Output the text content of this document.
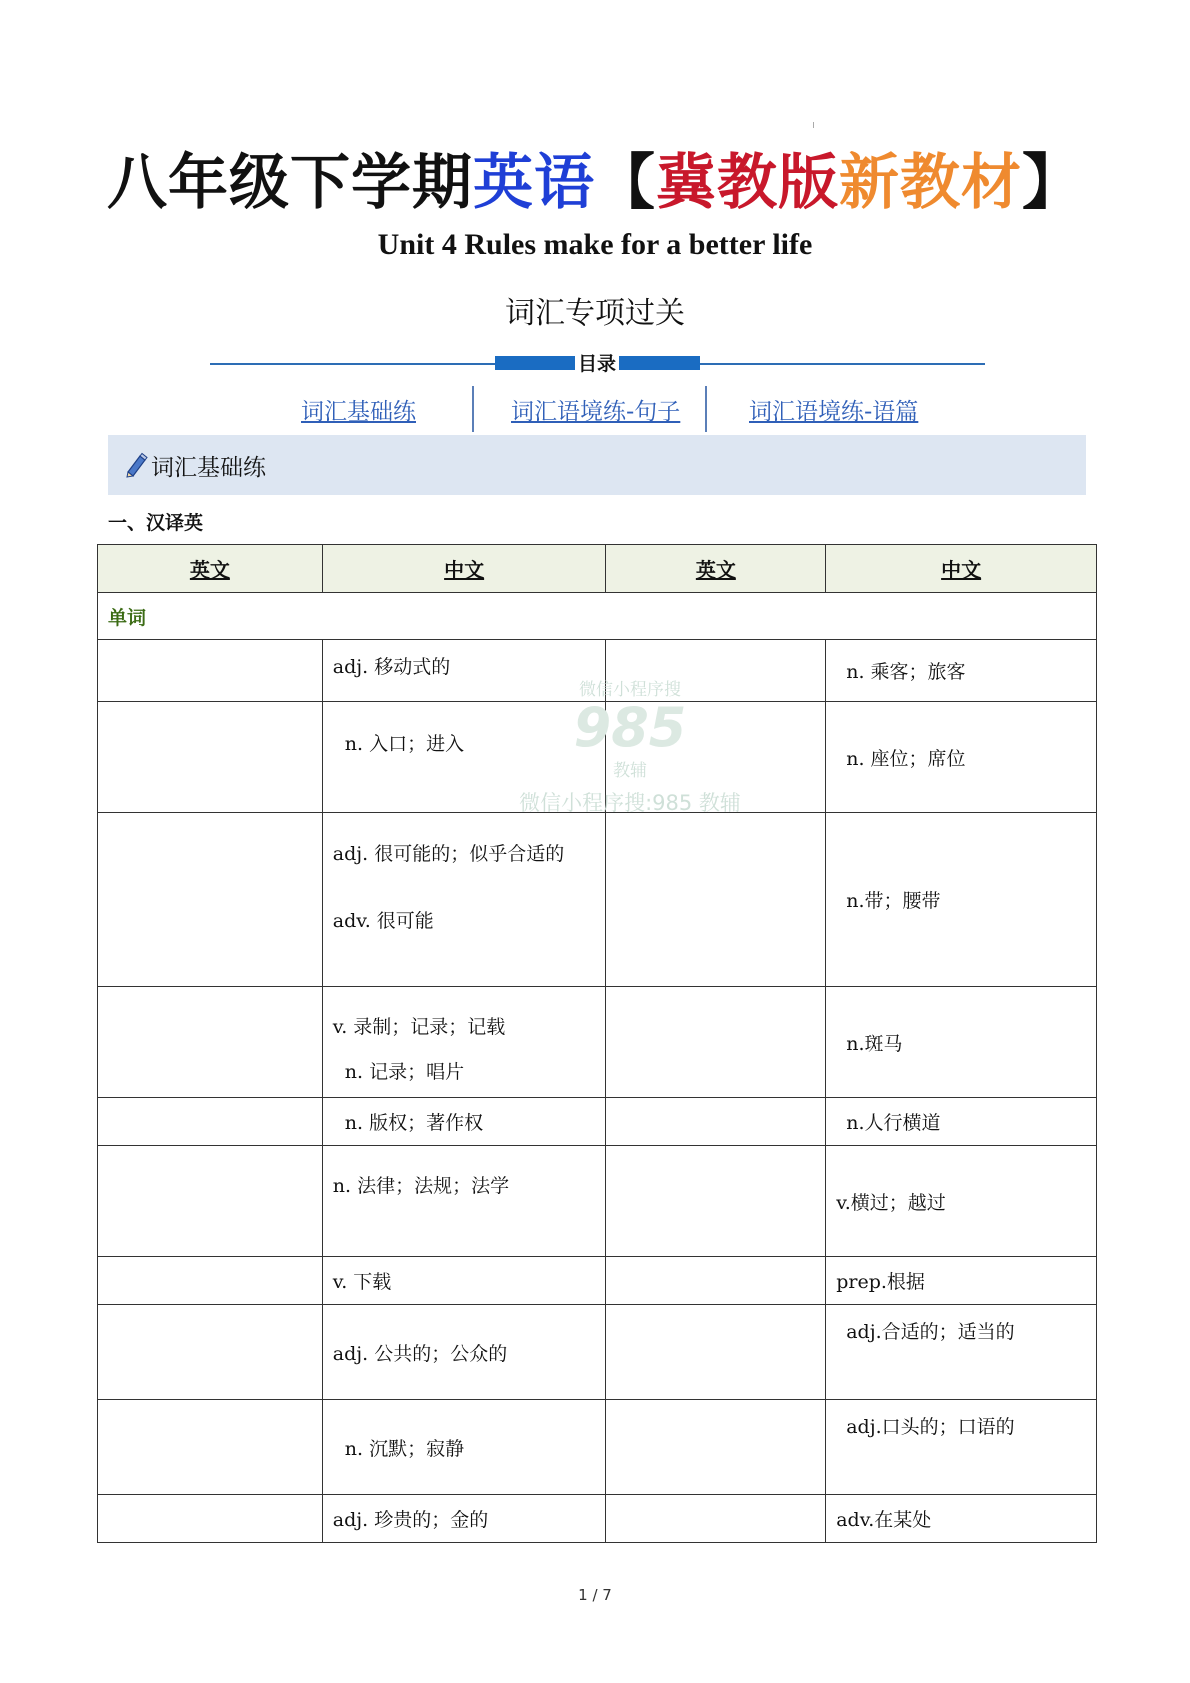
八年级下学期英语【冀教版新教材】
Unit 4 Rules make for a better life
词汇专项过关
目录
词汇基础练	词汇语境练-句子	词汇语境练-语篇
词汇基础练
一、汉译英
英文	中文	英文	中文
单词			

	adj. 移动式的		n. 乘客；旅客

	n. 入口；进入		n. 座位；席位

	adj. 很可能的；似乎合适的
adv. 很可能		n.带；腰带

	v. 录制；记录；记载
n. 记录；唱片		n.斑马

	n. 版权；著作权		n.人行横道

	n. 法律；法规；法学		v.横过；越过

	v. 下载		prep.根据

	adj. 公共的；公众的		adj.合适的；适当的

	n. 沉默；寂静		adj.口头的；口语的

	adj. 珍贵的；金的		adv.在某处
微信小程序搜
985
教辅
微信小程序搜:985 教辅
1 / 7
